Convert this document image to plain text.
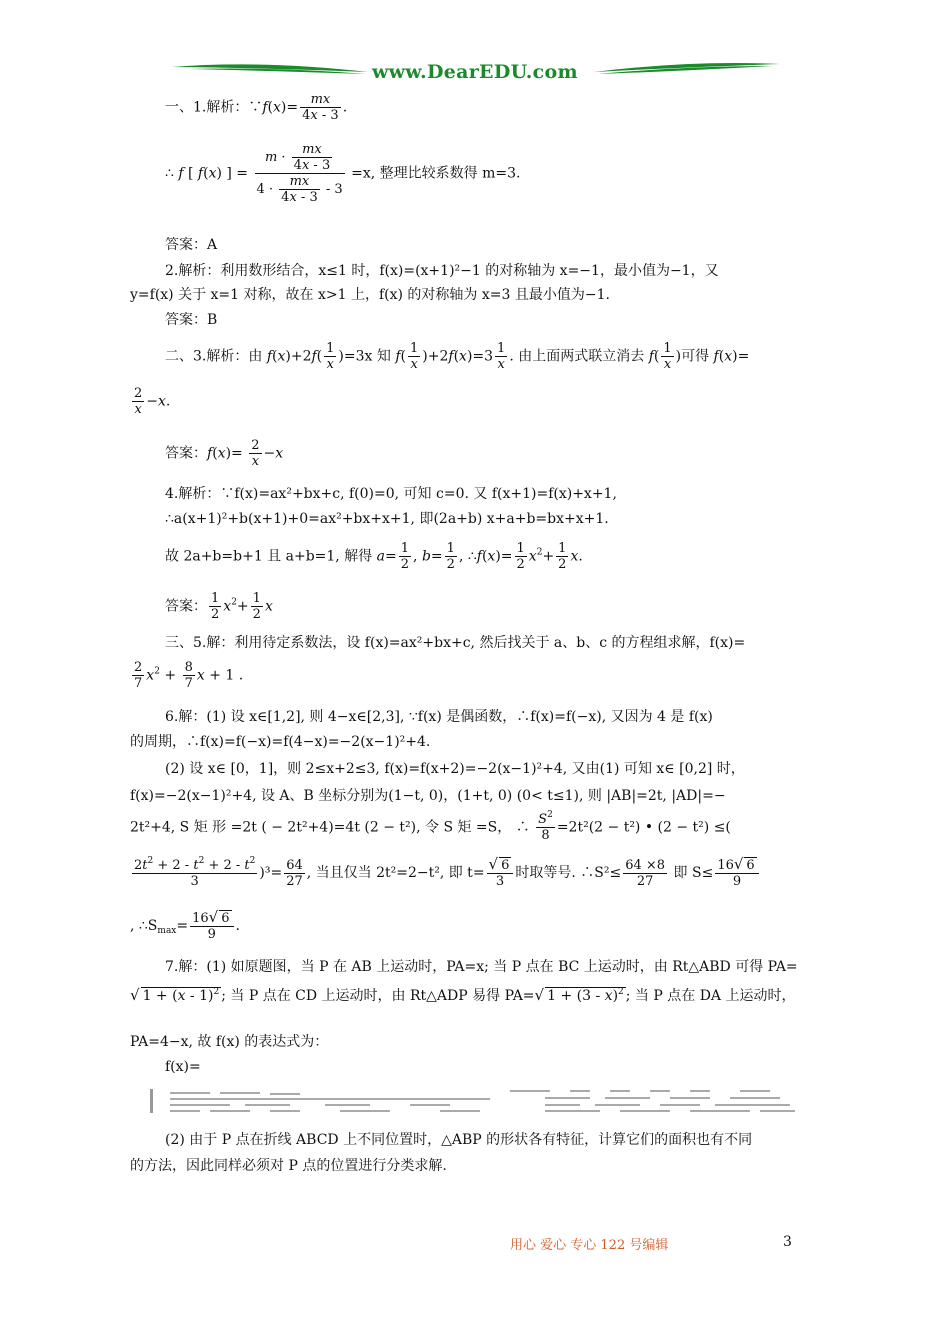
www.DearEDU.com
一、1.解析：∵f(x)= $\frac{mx}{4x - 3}$ .
∴ f [ f(x) ] = $\frac{m \cdot \frac{mx}{4x - 3}}{4 \cdot \frac{mx}{4x - 3} - 3} =x$, 整理比较系数得 m=3.
答案：A
2.解析：利用数形结合，x≤1 时，f(x)=(x+1)²−1 的对称轴为 x=−1，最小值为−1，又
y=f(x) 关于 x=1 对称，故在 x>1 上，f(x) 的对称轴为 x=3 且最小值为−1.
答案：B
二、3.解析：由 $f(x)+2f( \frac{1}{x} )=3x$ 知 $f( \frac{1}{x} )+2f(x)=3 \frac{1}{x}$ . 由上面两式联立消去 $f( \frac{1}{x}$ )可得 f(x)=
$\frac{2}{x} -x$.
答案：$f(x)= \frac{2}{x} -x$
4.解析：∵f(x)=ax²+bx+c, f(0)=0, 可知 c=0. 又 f(x+1)=f(x)+x+1,
∴a(x+1)²+b(x+1)+0=ax²+bx+x+1, 即(2a+b) x+a+b=bx+x+1.
故 2a+b=b+1 且 a+b=1, 解得 $a= \frac{1}{2}$ , $b= \frac{1}{2}$ , ∴f(x)= $\frac{1}{2} x^2+ \frac{1}{2} x$.
答案： $\frac{1}{2} x^2+ \frac{1}{2}$ x
三、5.解：利用待定系数法，设 f(x)=ax²+bx+c, 然后找关于 a、b、c 的方程组求解，f(x)=
$\frac{2}{7} x^2 + \frac{8}{7}$ x + 1 .
6.解：(1) 设 x∈[1,2], 则 4−x∈[2,3], ∵f(x) 是偶函数，∴f(x)=f(−x), 又因为 4 是 f(x)
的周期，∴f(x)=f(−x)=f(4−x)=−2(x−1)²+4.
(2) 设 x∈ [0，1]，则 2≤x+2≤3, f(x)=f(x+2)=−2(x−1)²+4, 又由(1) 可知 x∈ [0,2] 时，
f(x)=−2(x−1)²+4, 设 A、B 坐标分别为(1−t, 0)，(1+t, 0) (0< t≤1), 则 |AB|=2t, |AD|=−
2t²+4, S 矩 形 =2t ( − 2t²+4)=4t (2 − t²), 令 S 矩 =S， ∴ $\frac{S^2}{8} =2t^2(2 - t^2)$ • (2 − t²) ≤(
$\frac{2t^2 + 2 - t^2 + 2 - t^2}{3} )^3= \frac{64}{27}$ , 当且仅当 2t²=2−t², 即 $t= \frac{√ 6}{3}$ 时取等号. ∴S²≤ $\frac{64 \times 8}{27}$ 即 $S\le \frac{16√ 6}{9}$
, $\therefore S_{max}= \frac{16√ 6}{9}$ .
7.解：(1) 如原题图，当 P 在 AB 上运动时，PA=x; 当 P 点在 BC 上运动时，由 Rt△ABD 可得 PA=
√ 1 + (x - 1)$^2$ ; 当 P 点在 CD 上运动时，由 Rt△ADP 易得 PA=√ 1 + (3 - x)$^2$ ; 当 P 点在 DA 上运动时，
PA=4−x, 故 f(x) 的表达式为：
f(x)=
(2) 由于 P 点在折线 ABCD 上不同位置时，△ABP 的形状各有特征，计算它们的面积也有不同
的方法，因此同样必须对 P 点的位置进行分类求解.
用心 爱心 专心 122 号编辑	3
